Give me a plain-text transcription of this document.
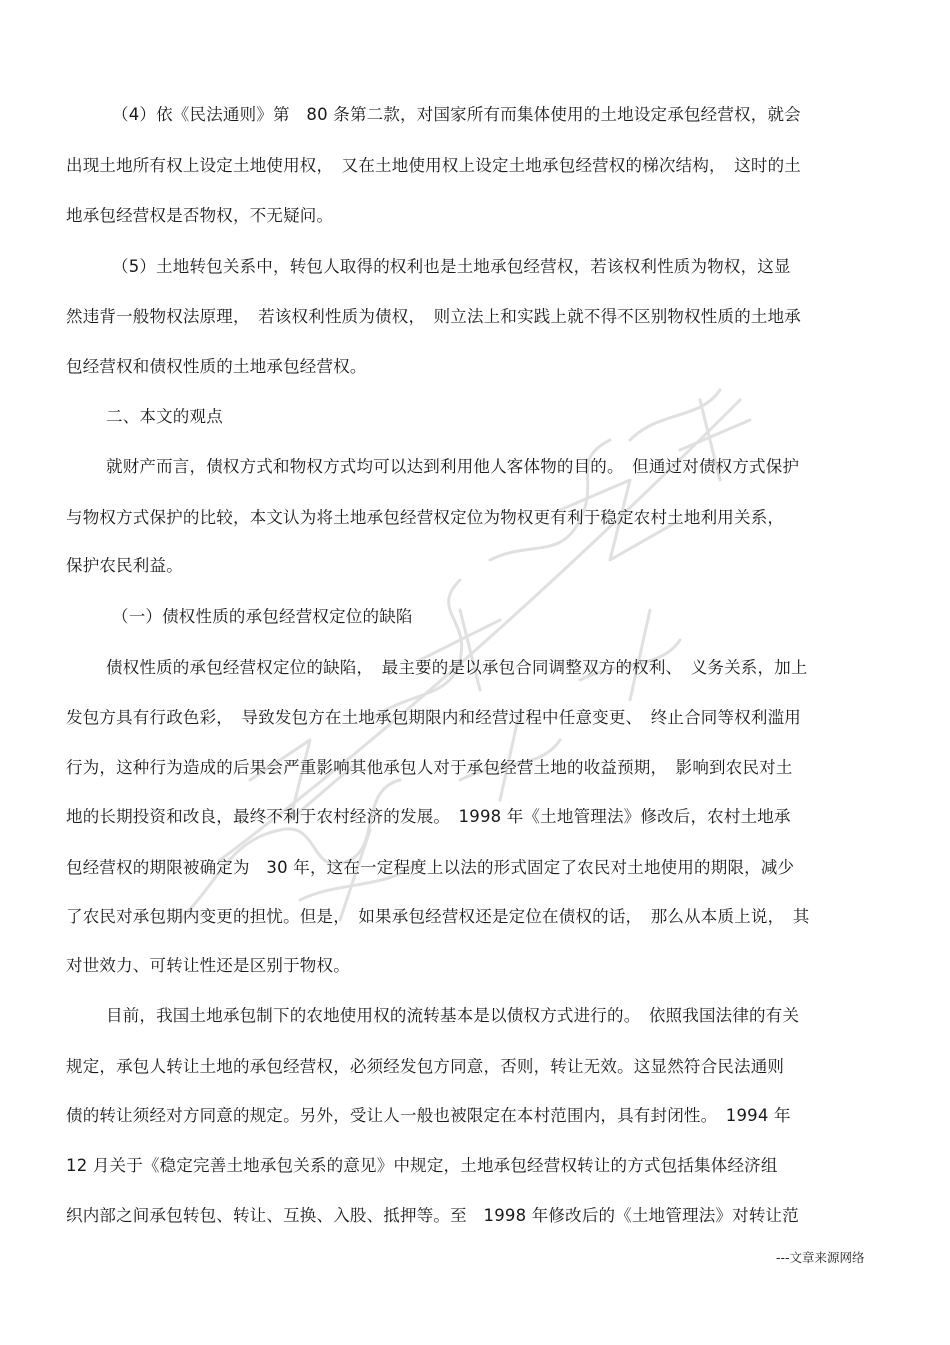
（4）依《民法通则》第　80 条第二款，对国家所有而集体使用的土地设定承包经营权，就会
出现土地所有权上设定土地使用权，　又在土地使用权上设定土地承包经营权的梯次结构，　这时的土
地承包经营权是否物权，不无疑问。
（5）土地转包关系中，转包人取得的权利也是土地承包经营权，若该权利性质为物权，这显
然违背一般物权法原理，　若该权利性质为债权，　则立法上和实践上就不得不区别物权性质的土地承
包经营权和债权性质的土地承包经营权。
二、本文的观点
就财产而言，债权方式和物权方式均可以达到利用他人客体物的目的。　但通过对债权方式保护
与物权方式保护的比较，本文认为将土地承包经营权定位为物权更有利于稳定农村土地利用关系，
保护农民利益。
（一）债权性质的承包经营权定位的缺陷
债权性质的承包经营权定位的缺陷，　最主要的是以承包合同调整双方的权利、　义务关系，加上
发包方具有行政色彩，　导致发包方在土地承包期限内和经营过程中任意变更、　终止合同等权利滥用
行为，这种行为造成的后果会严重影响其他承包人对于承包经营土地的收益预期，　影响到农民对土
地的长期投资和改良，最终不利于农村经济的发展。　1998 年《土地管理法》修改后，农村土地承
包经营权的期限被确定为　30 年，这在一定程度上以法的形式固定了农民对土地使用的期限，减少
了农民对承包期内变更的担忧。但是，　如果承包经营权还是定位在债权的话，　那么从本质上说，　其
对世效力、可转让性还是区别于物权。
目前，我国土地承包制下的农地使用权的流转基本是以债权方式进行的。　依照我国法律的有关
规定，承包人转让土地的承包经营权，必须经发包方同意，否则，转让无效。这显然符合民法通则
债的转让须经对方同意的规定。另外，受让人一般也被限定在本村范围内，具有封闭性。　1994 年
12 月关于《稳定完善土地承包关系的意见》中规定，土地承包经营权转让的方式包括集体经济组
织内部之间承包转包、转让、互换、入股、抵押等。至　1998 年修改后的《土地管理法》对转让范
---文章来源网络
